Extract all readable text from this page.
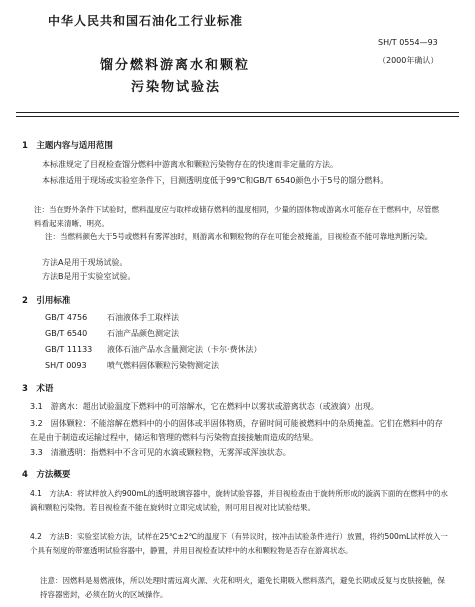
中华人民共和国石油化工行业标准
SH/T 0554—93
（2000年确认）
馏分燃料游离水和颗粒
污染物试验法
1　主题内容与适用范围
本标准规定了目视检查馏分燃料中游离水和颗粒污染物存在的快速而非定量的方法。
本标准适用于现场或实验室条件下，目测透明度低于99℃和GB/T 6540颜色小于5号的馏分燃料。
注：当在野外条件下试验时，燃料温度应与取样或储存燃料的温度相同，少量的固体物或游离水可能存在于燃料中，尽管燃料看起来清晰、明亮。
注：当燃料颜色大于5号或燃料有雾浑浊时，则游离水和颗粒物的存在可能会被掩盖，目视检查不能可靠地判断污染。
方法A是用于现场试验。
方法B是用于实验室试验。
2　引用标准
GB/T 4756 石油液体手工取样法
GB/T 6540 石油产品颜色测定法
GB/T 11133 液体石油产品水含量测定法（卡尔·费休法）
SH/T 0093	喷气燃料固体颗粒污染物测定法
3　术语
3.1　游离水：超出试验温度下燃料中的可溶解水，它在燃料中以雾状或游离状态（或液滴）出现。
3.2　固体颗粒：不能溶解在燃料中的小的固体或半固体物质，存留时间可能被燃料中的杂质掩盖。它们在燃料中的存在是由于制造或运输过程中，储运和管理的燃料与污染物直接接触而造成的结果。
3.3　清澈透明：指燃料中不含可见的水滴或颗粒物，无雾浑或浑浊状态。
4　方法概要
4.1　方法A：将试样放入约900mL的透明玻璃容器中，旋转试验容器，并目视检查由于旋转所形成的漩涡下面的在燃料中的水滴和颗粒污染物。若目视检查不能在旋转时立即完成试验，则可用目视对比试验结果。
4.2　方法B：实验室试验方法，试样在25℃±2℃的温度下（有异议时，按冲击试验条件进行）放置，将约500mL试样放入一个具有刻度的带塞透明试验容器中，静置，并用目视检查试样中的水和颗粒物是否存在游离状态。
注意：因燃料是易燃液体，所以处理时需远离火源、火花和明火，避免长期吸入燃料蒸汽，避免长期或反复与皮肤接触，保持容器密封，必须在防火的区域操作。
